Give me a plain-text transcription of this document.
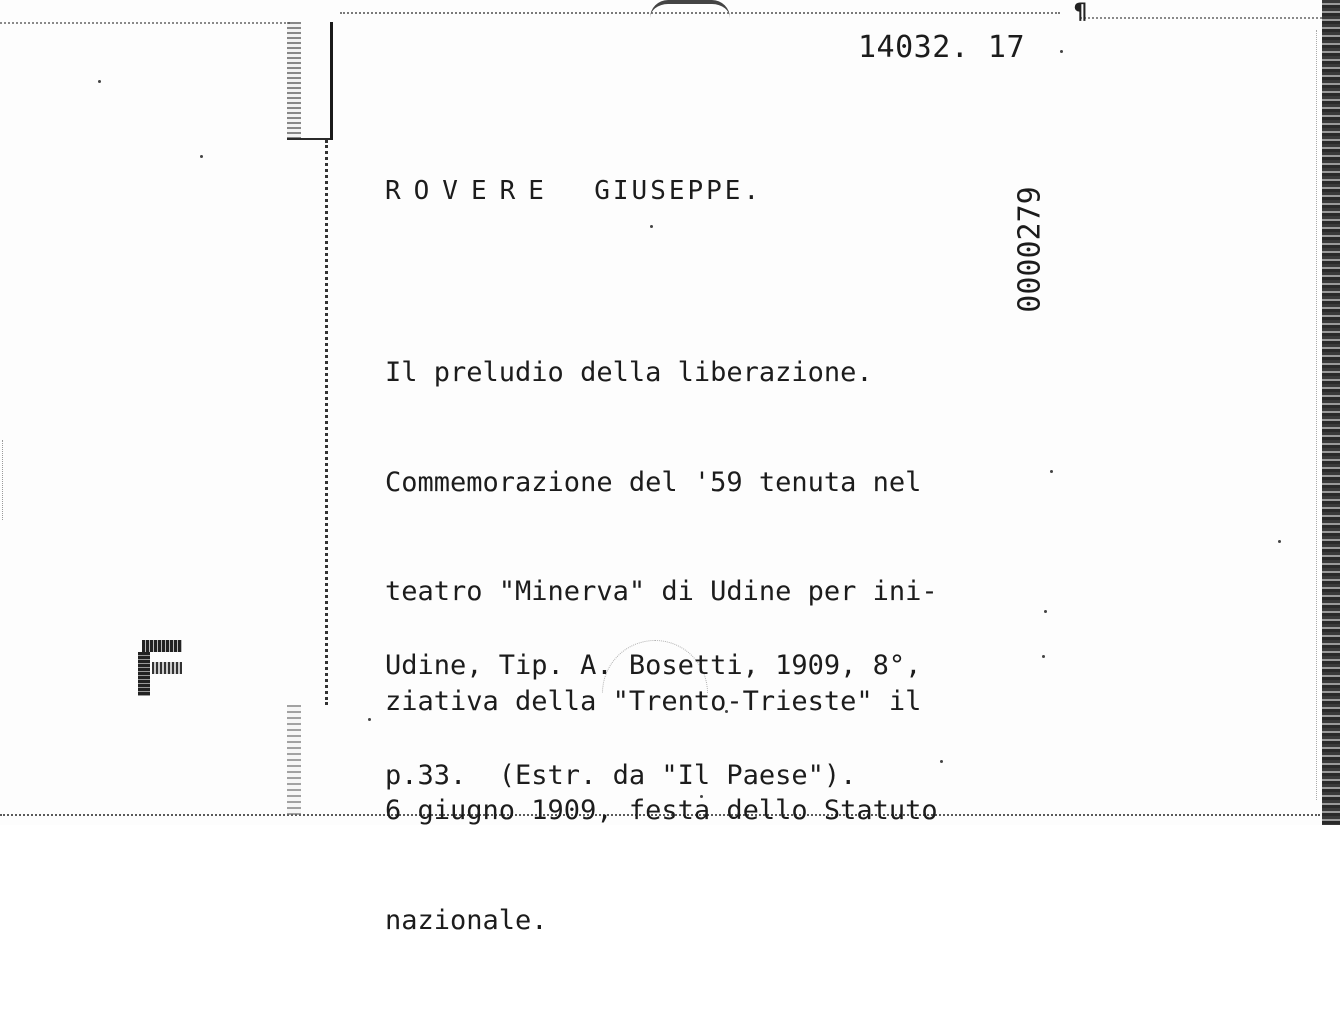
¶
14032. 17
ROVERE GIUSEPPE.	0000279

Il preludio della liberazione.

Commemorazione del '59 tenuta nel

teatro "Minerva" di Udine per ini-

ziativa della "Trento-Trieste" il

6 giugno 1909, festa dello Statuto

nazionale.

Udine, Tip. A. Bosetti, 1909, 8°,

p.33.  (Estr. da "Il Paese").
